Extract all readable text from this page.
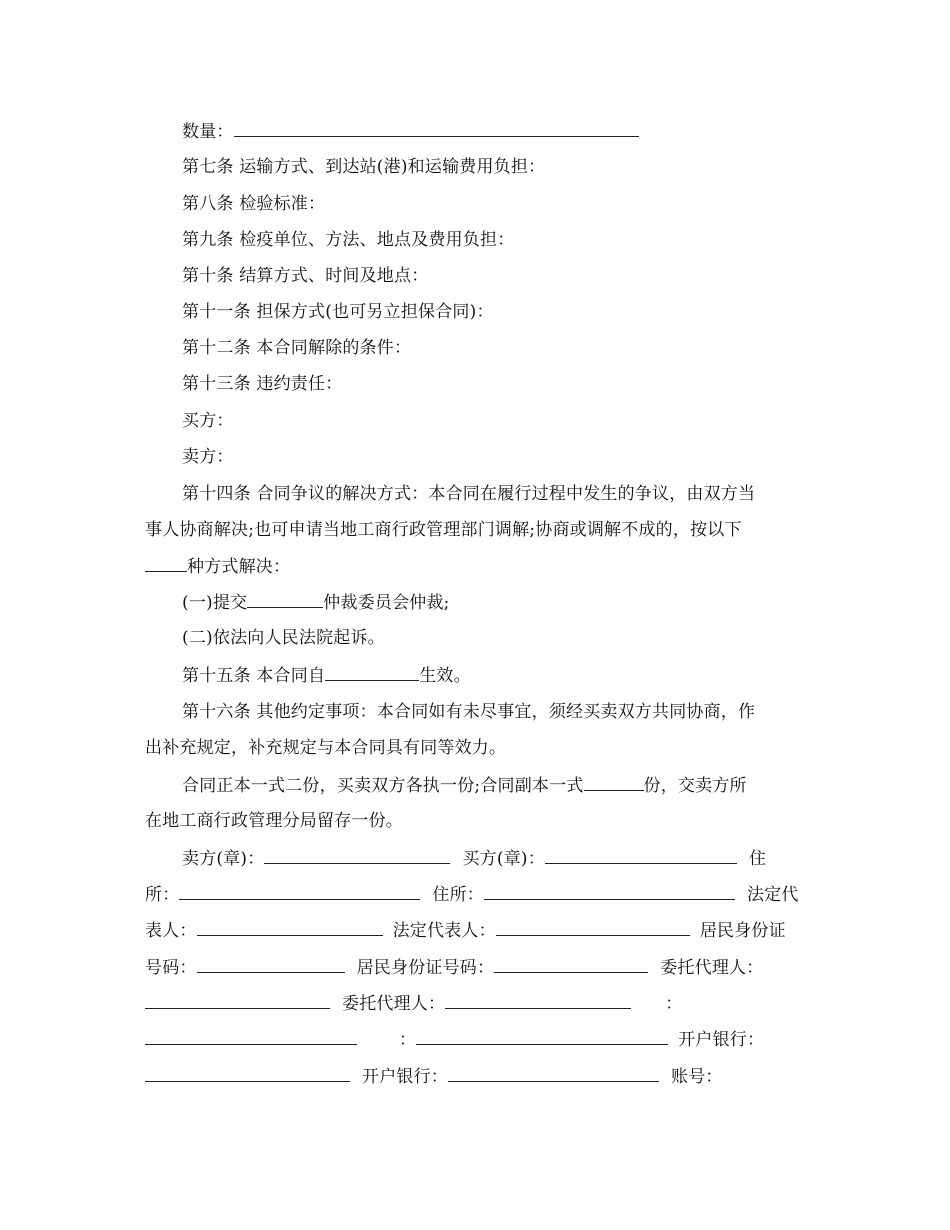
数量：
第七条 运输方式、到达站(港)和运输费用负担：
第八条 检验标准：
第九条 检疫单位、方法、地点及费用负担：
第十条 结算方式、时间及地点：
第十一条 担保方式(也可另立担保合同)：
第十二条 本合同解除的条件：
第十三条 违约责任：
买方：
卖方：
第十四条 合同争议的解决方式：本合同在履行过程中发生的争议，由双方当
事人协商解决;也可申请当地工商行政管理部门调解;协商或调解不成的，按以下
种方式解决：
(一)提交	仲裁委员会仲裁;
(二)依法向人民法院起诉。
第十五条 本合同自	生效。
第十六条 其他约定事项：本合同如有未尽事宜，须经买卖双方共同协商，作
出补充规定，补充规定与本合同具有同等效力。
合同正本一式二份，买卖双方各执一份;合同副本一式	份，交卖方所
在地工商行政管理分局留存一份。
卖方(章)：	买方(章)：	住
所：	住所：	法定代
表人：	法定代表人：	居民身份证
号码：	居民身份证号码：	委托代理人：
委托代理人：	：
：	开户银行：
开户银行：	账号：
